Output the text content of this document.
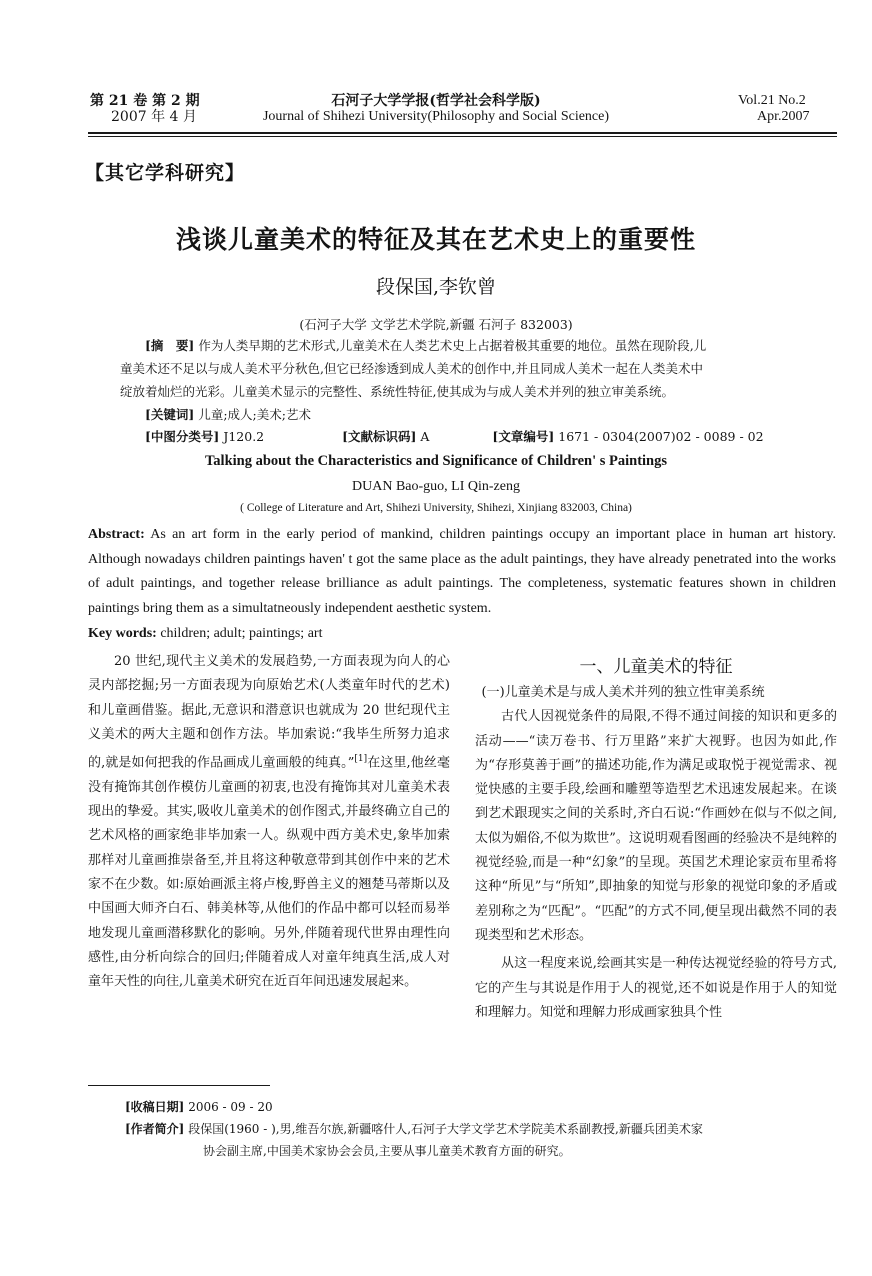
第 21 卷 第 2 期
2007 年 4 月
石河子大学学报(哲学社会科学版)
Journal of Shihezi University(Philosophy and Social Science)
Vol.21 No.2
Apr.2007
【其它学科研究】
浅谈儿童美术的特征及其在艺术史上的重要性
段保国,李钦曾
(石河子大学 文学艺术学院,新疆 石河子 832003)
[摘　要] 作为人类早期的艺术形式,儿童美术在人类艺术史上占据着极其重要的地位。虽然在现阶段,儿
童美术还不足以与成人美术平分秋色,但它已经渗透到成人美术的创作中,并且同成人美术一起在人类美术中
绽放着灿烂的光彩。儿童美术显示的完整性、系统性特征,使其成为与成人美术并列的独立审美系统。
[关键词] 儿童;成人;美术;艺术
[中图分类号] J120.2	[文献标识码] A	[文章编号] 1671 - 0304(2007)02 - 0089 - 02
Talking about the Characteristics and Significance of Children' s Paintings
DUAN Bao-guo, LI Qin-zeng
( College of Literature and Art, Shihezi University, Shihezi, Xinjiang 832003, China)
Abstract: As an art form in the early period of mankind, children paintings occupy an important place in human art history. Although nowadays children paintings haven' t got the same place as the adult paintings, they have already penetrated into the works of adult paintings, and together release brilliance as adult paintings. The completeness, systematic features shown in children paintings bring them as a simultatneously independent aesthetic system.
Key words: children; adult; paintings; art

20 世纪,现代主义美术的发展趋势,一方面表现为向人的心灵内部挖掘;另一方面表现为向原始艺术(人类童年时代的艺术)和儿童画借鉴。据此,无意识和潜意识也就成为 20 世纪现代主义美术的两大主题和创作方法。毕加索说:“我毕生所努力追求的,就是如何把我的作品画成儿童画般的纯真。”[1]在这里,他丝毫没有掩饰其创作模仿儿童画的初衷,也没有掩饰其对儿童美术表现出的挚爱。其实,吸收儿童美术的创作图式,并最终确立自己的艺术风格的画家绝非毕加索一人。纵观中西方美术史,象毕加索那样对儿童画推崇备至,并且将这种敬意带到其创作中来的艺术家不在少数。如:原始画派主将卢梭,野兽主义的翘楚马蒂斯以及中国画大师齐白石、韩美林等,从他们的作品中都可以轻而易举地发现儿童画潜移默化的影响。另外,伴随着现代世界由理性向感性,由分析向综合的回归;伴随着成人对童年纯真生活,成人对童年天性的向往,儿童美术研究在近百年间迅速发展起来。

一、儿童美术的特征

(一)儿童美术是与成人美术并列的独立性审美系统

古代人因视觉条件的局限,不得不通过间接的知识和更多的活动——“读万卷书、行万里路”来扩大视野。也因为如此,作为“存形莫善于画”的描述功能,作为满足或取悦于视觉需求、视觉快感的主要手段,绘画和雕塑等造型艺术迅速发展起来。在谈到艺术跟现实之间的关系时,齐白石说:“作画妙在似与不似之间,太似为媚俗,不似为欺世”。这说明观看图画的经验决不是纯粹的视觉经验,而是一种“幻象”的呈现。英国艺术理论家贡布里希将这种“所见”与“所知”,即抽象的知觉与形象的视觉印象的矛盾或差别称之为“匹配”。“匹配”的方式不同,便呈现出截然不同的表现类型和艺术形态。

从这一程度来说,绘画其实是一种传达视觉经验的符号方式,它的产生与其说是作用于人的视觉,还不如说是作用于人的知觉和理解力。知觉和理解力形成画家独具个性

[收稿日期] 2006 - 09 - 20
[作者简介] 段保国(1960 - ),男,维吾尔族,新疆喀什人,石河子大学文学艺术学院美术系副教授,新疆兵团美术家
协会副主席,中国美术家协会会员,主要从事儿童美术教育方面的研究。
